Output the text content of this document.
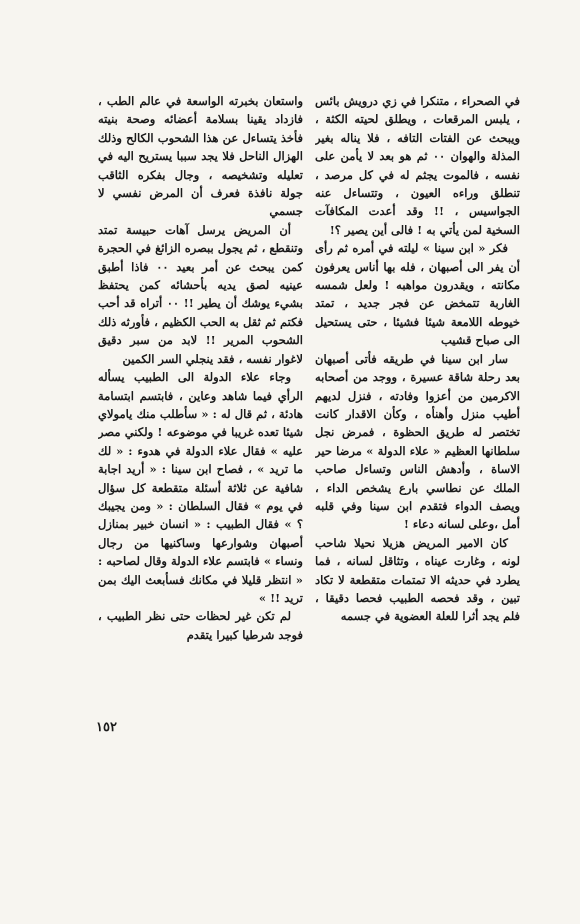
في الصحراء ، متنكرا في زي درويش بائس ، يلبس المرقعات ، ويطلق لحيته الكثة ، ويبحث عن الفتات التافه ، فلا يناله بغير المذلة والهوان ٠٠ ثم هو بعد لا يأمن على نفسه ، فالموت يجثم له في كل مرصد ، تنطلق وراءه العيون ، وتتساءل عنه الجواسيس ، !! وقد أعدت المكافآت السخية لمن يأتي به ! فالى أين يصير ؟!

فكر « ابن سينا » ليلته في أمره ثم رأى أن يفر الى أصبهان ، فله بها أناس يعرفون مكانته ، ويقدرون مواهبه ! ولعل شمسه الغاربة تتمخض عن فجر جديد ، تمتد خيوطه اللامعة شيئا فشيئا ، حتى يستحيل الى صباح قشيب

سار ابن سينا في طريقه فأتى أصبهان بعد رحلة شاقة عسيرة ، ووجد من أصحابه الاكرمين من أعزوا وفادته ، فنزل لديهم أطيب منزل وأهنأه ، وكأن الاقدار كانت تختصر له طريق الحظوة ، فمرض نجل سلطانها العظيم « علاء الدولة » مرضا حير الاساة ، وأدهش الناس وتساءل صاحب الملك عن نطاسي بارع يشخص الداء ، ويصف الدواء فتقدم ابن سينا وفي قلبه أمل ،وعلى لسانه دعاء !

كان الامير المريض هزيلا نحيلا شاحب لونه ، وغارت عيناه ، وتثاقل لسانه ، فما يطرد في حديثه الا تمتمات متقطعة لا تكاد تبين ، وقد فحصه الطبيب فحصا دقيقا ، فلم يجد أثرا للعلة العضوية في جسمه

واستعان بخبرته الواسعة في عالم الطب ، فازداد يقينا بسلامة أعضائه وصحة بنيته فأخذ يتساءل عن هذا الشحوب الكالح وذلك الهزال الناحل فلا يجد سببا يستريح اليه في تعليله وتشخيصه ، وجال بفكره الثاقب جولة نافذة فعرف أن المرض نفسي لا جسمي

أن المريض يرسل آهات حبيسة تمتد وتنقطع ، ثم يجول ببصره الزائغ في الحجرة كمن يبحث عن أمر بعيد ٠٠ فاذا أطبق عينيه لصق يديه بأحشائه كمن يحتفظ بشيء يوشك أن يطير !! ٠٠ أتراه قد أحب فكتم ثم ثقل به الحب الكظيم ، فأورثه ذلك الشحوب المرير !! لابد من سبر دقيق لاغوار نفسه ، فقد ينجلي السر الكمين

وجاء علاء الدولة الى الطبيب يسأله الرأي فيما شاهد وعاين ، فابتسم ابتسامة هادئة ، ثم قال له : « سأطلب منك يامولاي شيئا تعده غريبا في موضوعه ! ولكني مصر عليه » فقال علاء الدولة في هدوء : « لك ما تريد » ، فصاح ابن سينا : « أريد اجابة شافية عن ثلاثة أسئلة متقطعة كل سؤال في يوم » فقال السلطان : « ومن يجيبك ؟ » فقال الطبيب : « انسان خبير بمنازل أصبهان وشوارعها وساكنيها من رجال ونساء » فابتسم علاء الدولة وقال لصاحبه : « انتظر قليلا في مكانك فسأبعث اليك بمن تريد !! »

لم تكن غير لحظات حتى نظر الطبيب ، فوجد شرطيا كبيرا يتقدم

١٥٢
